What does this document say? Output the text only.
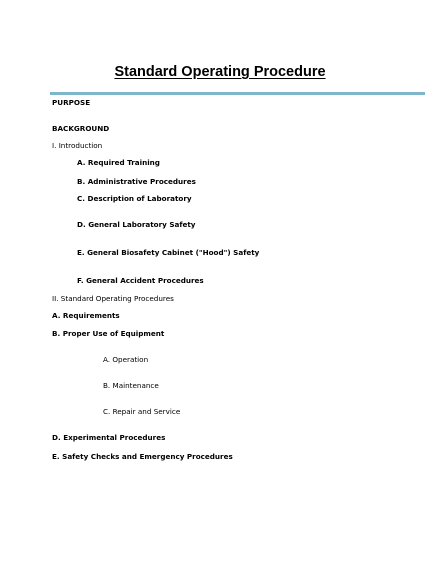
Standard Operating Procedure
PURPOSE
BACKGROUND
I. Introduction
A. Required Training
B. Administrative Procedures
C. Description of Laboratory
D. General Laboratory Safety
E. General Biosafety Cabinet ("Hood") Safety
F. General Accident Procedures
II. Standard Operating Procedures
A. Requirements
B. Proper Use of Equipment
A. Operation
B. Maintenance
C. Repair and Service
D. Experimental Procedures
E. Safety Checks and Emergency Procedures
